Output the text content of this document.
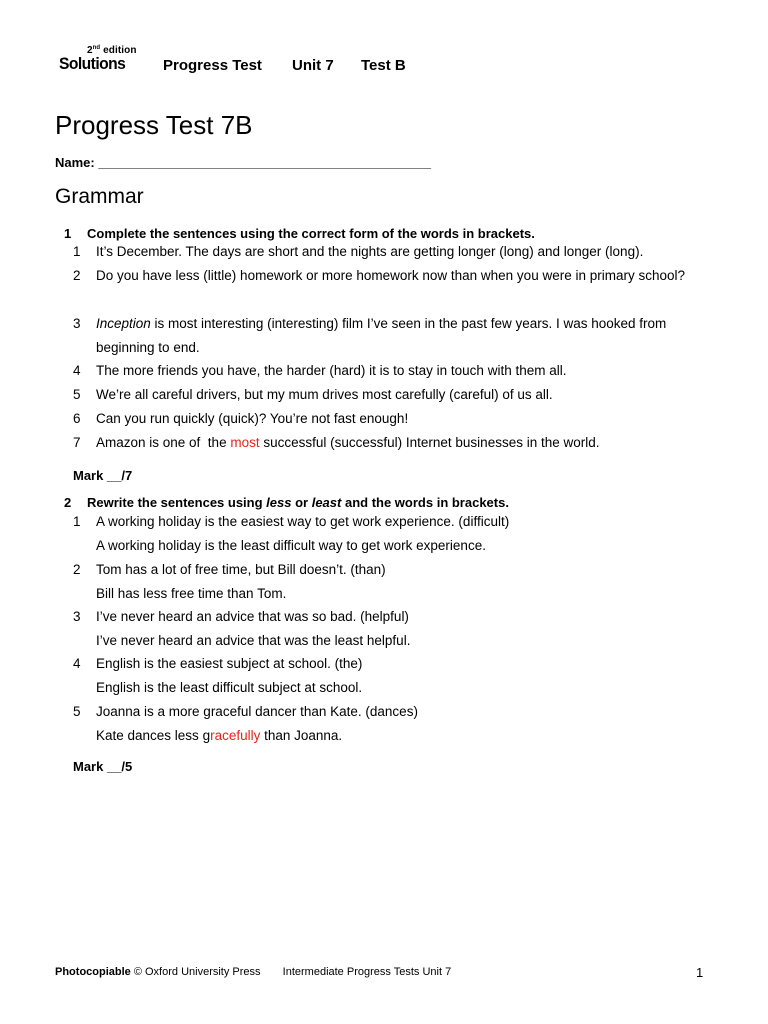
2nd edition
Solutions	Progress Test Unit 7 Test B
Progress Test 7B
Name: ______________________________________________
Grammar
1 Complete the sentences using the correct form of the words in brackets.
1 It’s December. The days are short and the nights are getting longer (long) and longer (long).
2 Do you have less (little) homework or more homework now than when you were in primary school?
3 Inception is most interesting (interesting) film I’ve seen in the past few years. I was hooked from beginning to end.
4 The more friends you have, the harder (hard) it is to stay in touch with them all.
5 We’re all careful drivers, but my mum drives most carefully (careful) of us all.
6 Can you run quickly (quick)? You’re not fast enough!
7 Amazon is one of  the most successful (successful) Internet businesses in the world.
Mark __/7
2 Rewrite the sentences using less or least and the words in brackets.
1 A working holiday is the easiest way to get work experience. (difficult)
A working holiday is the least difficult way to get work experience.
2 Tom has a lot of free time, but Bill doesn’t. (than)
Bill has less free time than Tom.
3 I’ve never heard an advice that was so bad. (helpful)
I’ve never heard an advice that was the least helpful.
4 English is the easiest subject at school. (the)
English is the least difficult subject at school.
5 Joanna is a more graceful dancer than Kate. (dances)
Kate dances less gracefully than Joanna.
Mark __/5
Photocopiable © Oxford University Press Intermediate Progress Tests Unit 7	1
